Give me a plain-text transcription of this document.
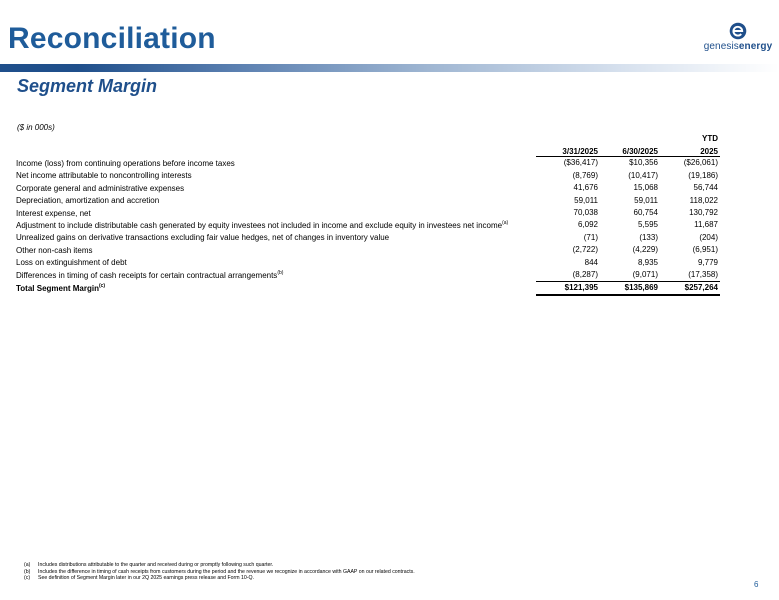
Reconciliation
Segment Margin
genesisenergy
($ in 000s)
			YTD
	3/31/2025	6/30/2025	2025
Income (loss) from continuing operations before income taxes	($36,417)	$10,356	($26,061)
Net income attributable to noncontrolling interests	(8,769)	(10,417)	(19,186)
Corporate general and administrative expenses	41,676	15,068	56,744
Depreciation, amortization and accretion	59,011	59,011	118,022
Interest expense, net	70,038	60,754	130,792
Adjustment to include distributable cash generated by equity investees not included in income and exclude equity in investees net income$^{(a)}$	6,092	5,595	11,687
Unrealized gains on derivative transactions excluding fair value hedges, net of changes in inventory value	(71)	(133)	(204)
Other non-cash items	(2,722)	(4,229)	(6,951)
Loss on extinguishment of debt	844	8,935	9,779
Differences in timing of cash receipts for certain contractual arrangements$^{(b)}$	(8,287)	(9,071)	(17,358)
Total Segment Margin$^{(c)}$	$121,395	$135,869	$257,264
(a) Includes distributions attributable to the quarter and received during or promptly following such quarter.
(b) Includes the difference in timing of cash receipts from customers during the period and the revenue we recognize in accordance with GAAP on our related contracts.
(c) See definition of Segment Margin later in our 2Q 2025 earnings press release and Form 10-Q.
6
